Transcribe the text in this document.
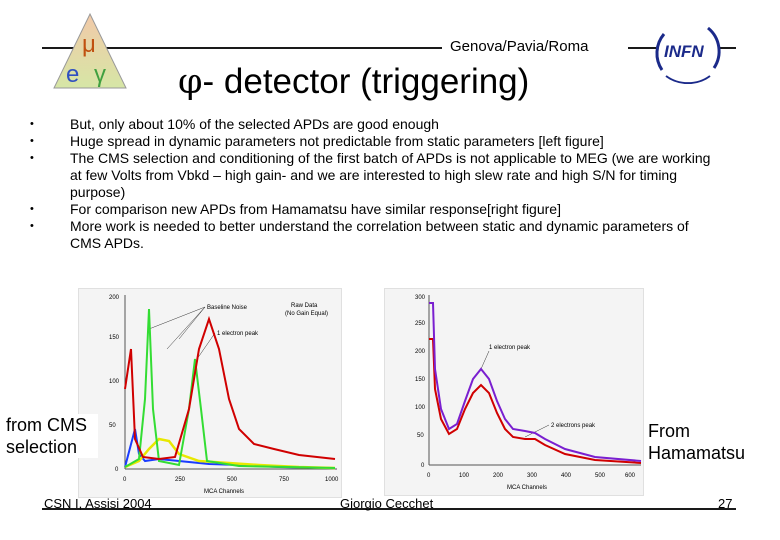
μ
e γ
INFN
Genova/Pavia/Roma
φ- detector (triggering)

• But, only about 10% of the selected APDs are good enough

• Huge spread in dynamic parameters not predictable from static parameters [left figure]

• The CMS selection and conditioning of the first batch of APDs is not applicable to MEG (we are working at few Volts from Vbkd – high gain- and we are interested to high slew rate and high S/N for timing purpose)

• For comparison new APDs from Hamamatsu have similar response[right figure]

• More work is needed to better understand the correlation between static and dynamic parameters of CMS APDs.

200
150
100
50
0
0	250	500	750	1000
MCA Channels
Baseline Noise	Raw Data
(No Gain Equal)
1 electron peak
300
250
200
150
100
50
0
0	100	200	300	400	500	600
MCA Channels
1 electron peak
2 electrons peak
from CMS selection
From Hamamatsu
CSN I, Assisi 2004	Giorgio Cecchet	27
